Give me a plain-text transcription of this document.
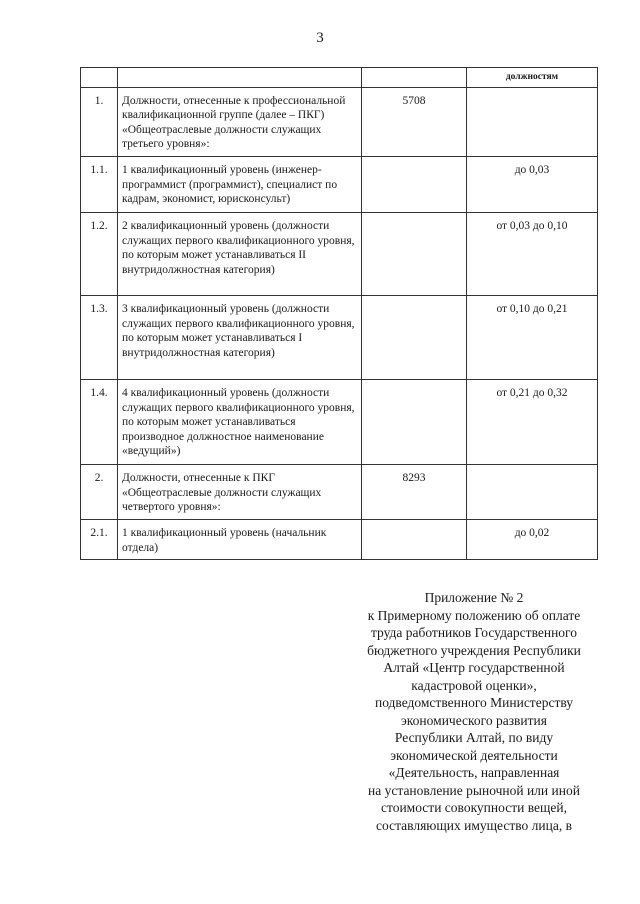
3
			должностям
1.	Должности, отнесенные к профессиональной квалификационной группе (далее – ПКГ) «Общеотраслевые должности служащих третьего уровня»:	5708	
1.1.	1 квалификационный уровень (инженер-программист (программист), специалист по кадрам, экономист, юрисконсульт)		до 0,03
1.2.	2 квалификационный уровень (должности служащих первого квалификационного уровня, по которым может устанавливаться II внутридолжностная категория)		от 0,03 до 0,10
1.3.	3 квалификационный уровень (должности служащих первого квалификационного уровня, по которым может устанавливаться I внутридолжностная категория)		от 0,10 до 0,21
1.4.	4 квалификационный уровень (должности служащих первого квалификационного уровня, по которым может устанавливаться производное должностное наименование «ведущий»)		от 0,21 до 0,32
2.	Должности, отнесенные к ПКГ «Общеотраслевые должности служащих четвертого уровня»:	8293	
2.1.	1 квалификационный уровень (начальник отдела)		до 0,02
Приложение № 2
к Примерному положению об оплате
труда работников Государственного
бюджетного учреждения Республики
Алтай «Центр государственной
кадастровой оценки»,
подведомственного Министерству
экономического развития
Республики Алтай, по виду
экономической деятельности
«Деятельность, направленная
на установление рыночной или иной
стоимости совокупности вещей,
составляющих имущество лица, в
